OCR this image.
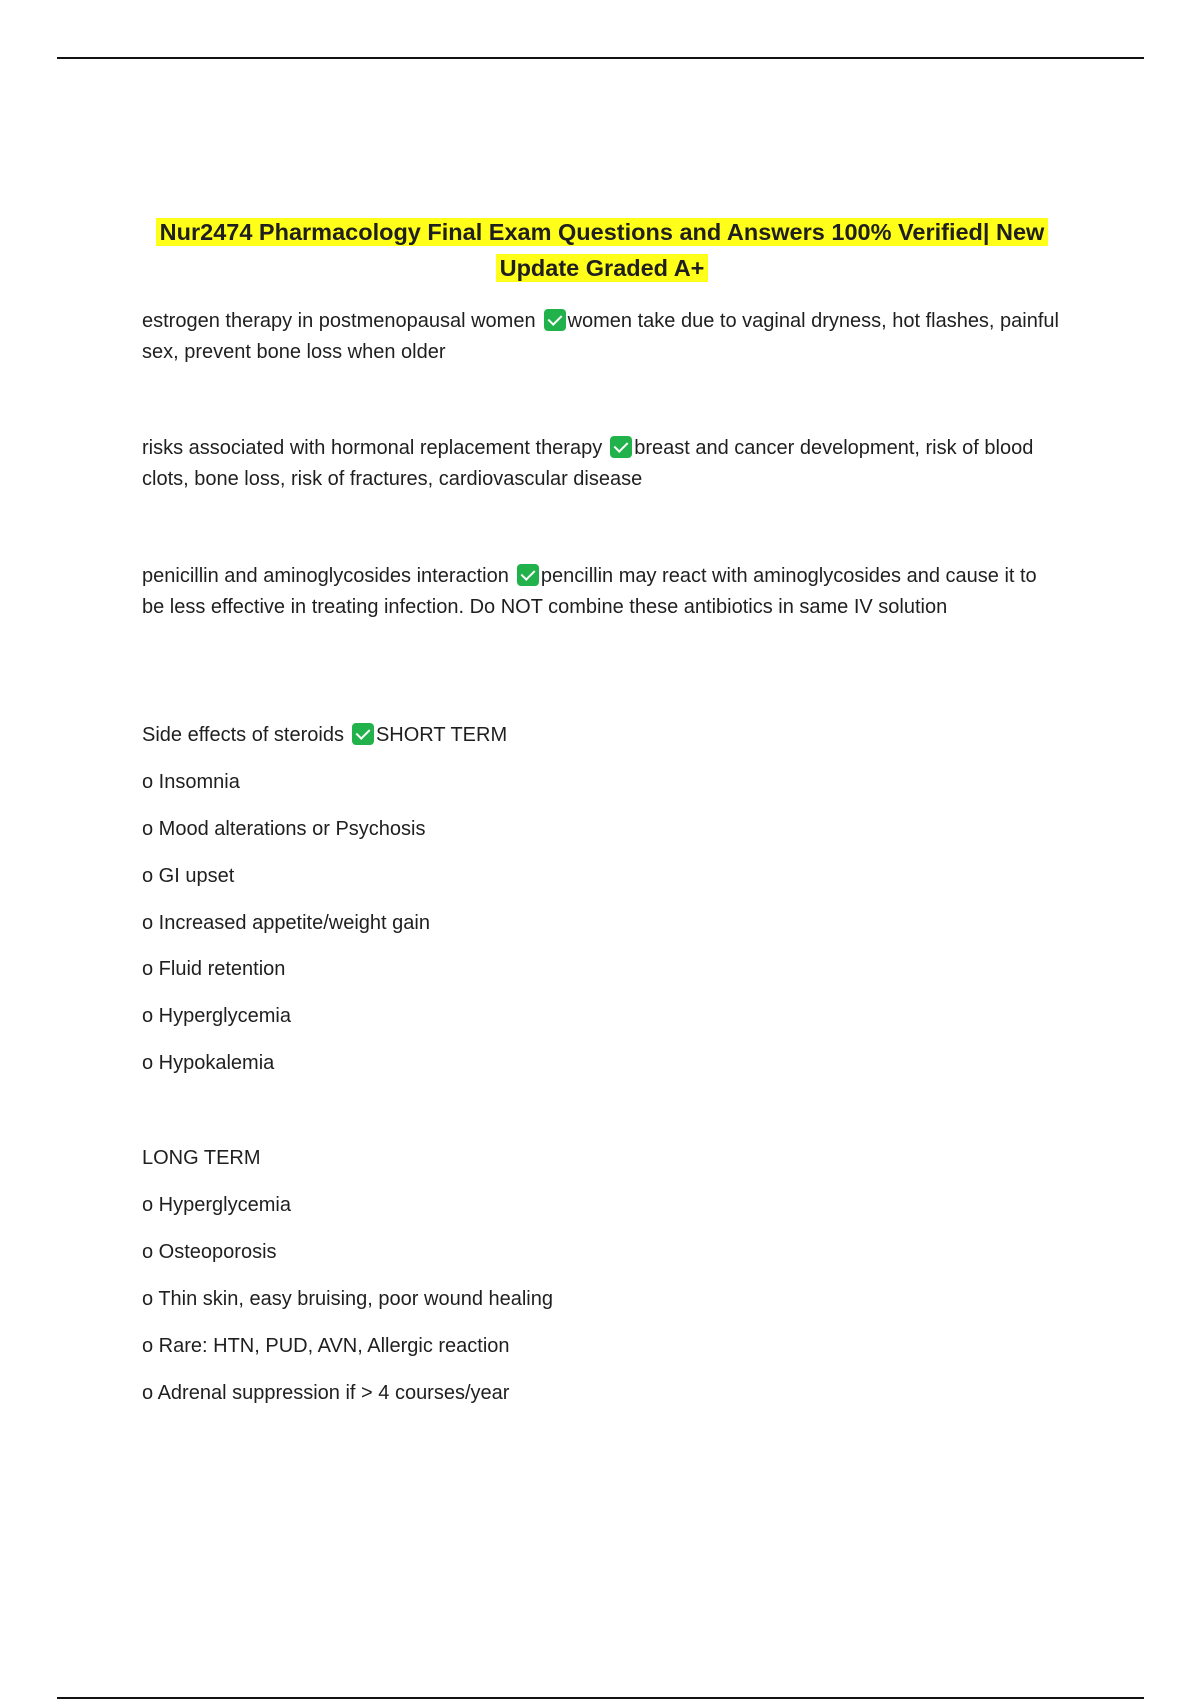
Nur2474 Pharmacology Final Exam Questions and Answers 100% Verified| New
Update Graded A+
estrogen therapy in postmenopausal women women take due to vaginal dryness, hot flashes, painful sex, prevent bone loss when older
risks associated with hormonal replacement therapy breast and cancer development, risk of blood clots, bone loss, risk of fractures, cardiovascular disease
penicillin and aminoglycosides interaction pencillin may react with aminoglycosides and cause it to be less effective in treating infection. Do NOT combine these antibiotics in same IV solution
Side effects of steroids SHORT TERM
o Insomnia
o Mood alterations or Psychosis
o GI upset
o Increased appetite/weight gain
o Fluid retention
o Hyperglycemia
o Hypokalemia
LONG TERM
o Hyperglycemia
o Osteoporosis
o Thin skin, easy bruising, poor wound healing
o Rare: HTN, PUD, AVN, Allergic reaction
o Adrenal suppression if > 4 courses/year
